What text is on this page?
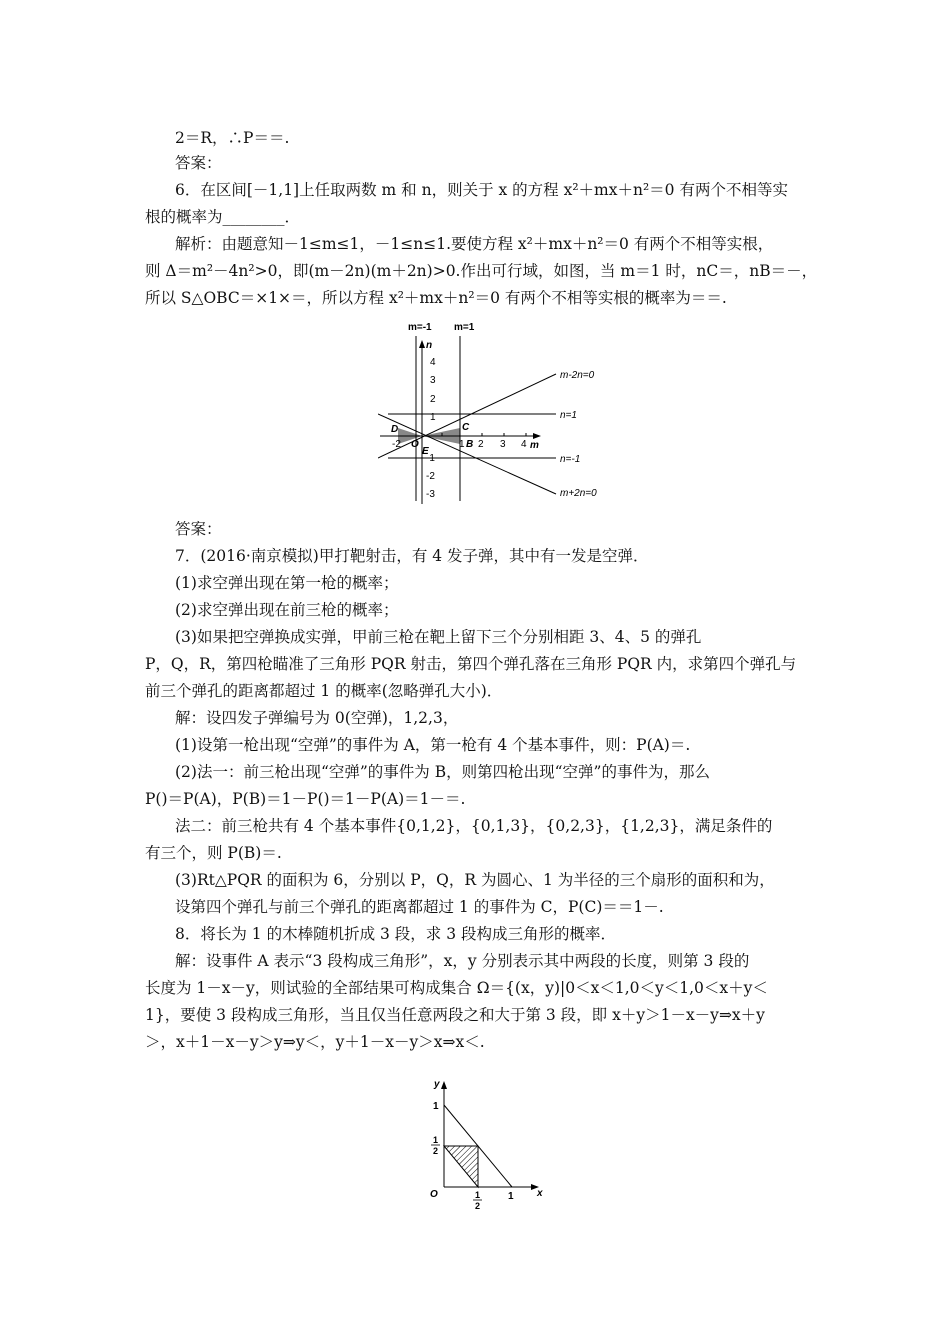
2＝R，∴P＝＝.
答案：
6．在区间[－1,1]上任取两数 m 和 n，则关于 x 的方程 x²＋mx＋n²＝0 有两个不相等实
根的概率为________．
解析：由题意知－1≤m≤1，－1≤n≤1.要使方程 x²＋mx＋n²＝0 有两个不相等实根，
则 Δ＝m²－4n²>0，即(m－2n)(m＋2n)>0.作出可行域，如图，当 m＝1 时，nC＝，nB＝－，
所以 S△OBC＝×1×＝，所以方程 x²＋mx＋n²＝0 有两个不相等实根的概率为＝＝.
m=-1 m=1
n
m
m-2n=0
n=1
n=-1
m+2n=0
D	C
O	B
E
4
3
2
1
-1
-2
-3
-2	1 2 3 4
答案：
7．(2016·南京模拟)甲打靶射击，有 4 发子弹，其中有一发是空弹．
(1)求空弹出现在第一枪的概率；
(2)求空弹出现在前三枪的概率；
(3)如果把空弹换成实弹，甲前三枪在靶上留下三个分别相距 3、4、5 的弹孔
P，Q，R，第四枪瞄准了三角形 PQR 射击，第四个弹孔落在三角形 PQR 内，求第四个弹孔与
前三个弹孔的距离都超过 1 的概率(忽略弹孔大小)．
解：设四发子弹编号为 0(空弹)，1,2,3，
(1)设第一枪出现“空弹”的事件为 A，第一枪有 4 个基本事件，则：P(A)＝.
(2)法一：前三枪出现“空弹”的事件为 B，则第四枪出现“空弹”的事件为，那么
P()＝P(A)，P(B)＝1－P()＝1－P(A)＝1－＝.
法二：前三枪共有 4 个基本事件{0,1,2}，{0,1,3}，{0,2,3}，{1,2,3}，满足条件的
有三个，则 P(B)＝.
(3)Rt△PQR 的面积为 6，分别以 P，Q，R 为圆心、1 为半径的三个扇形的面积和为，
设第四个弹孔与前三个弹孔的距离都超过 1 的事件为 C，P(C)＝＝1－.
8．将长为 1 的木棒随机折成 3 段，求 3 段构成三角形的概率．
解：设事件 A 表示“3 段构成三角形”，x，y 分别表示其中两段的长度，则第 3 段的
长度为 1－x－y，则试验的全部结果可构成集合 Ω＝{(x，y)|0＜x＜1,0＜y＜1,0＜x＋y＜
1}，要使 3 段构成三角形，当且仅当任意两段之和大于第 3 段，即 x＋y＞1－x－y⇒x＋y
＞，x＋1－x－y＞y⇒y＜，y＋1－x－y＞x⇒x＜.
y
x
O
1
1
2
1
2
1
